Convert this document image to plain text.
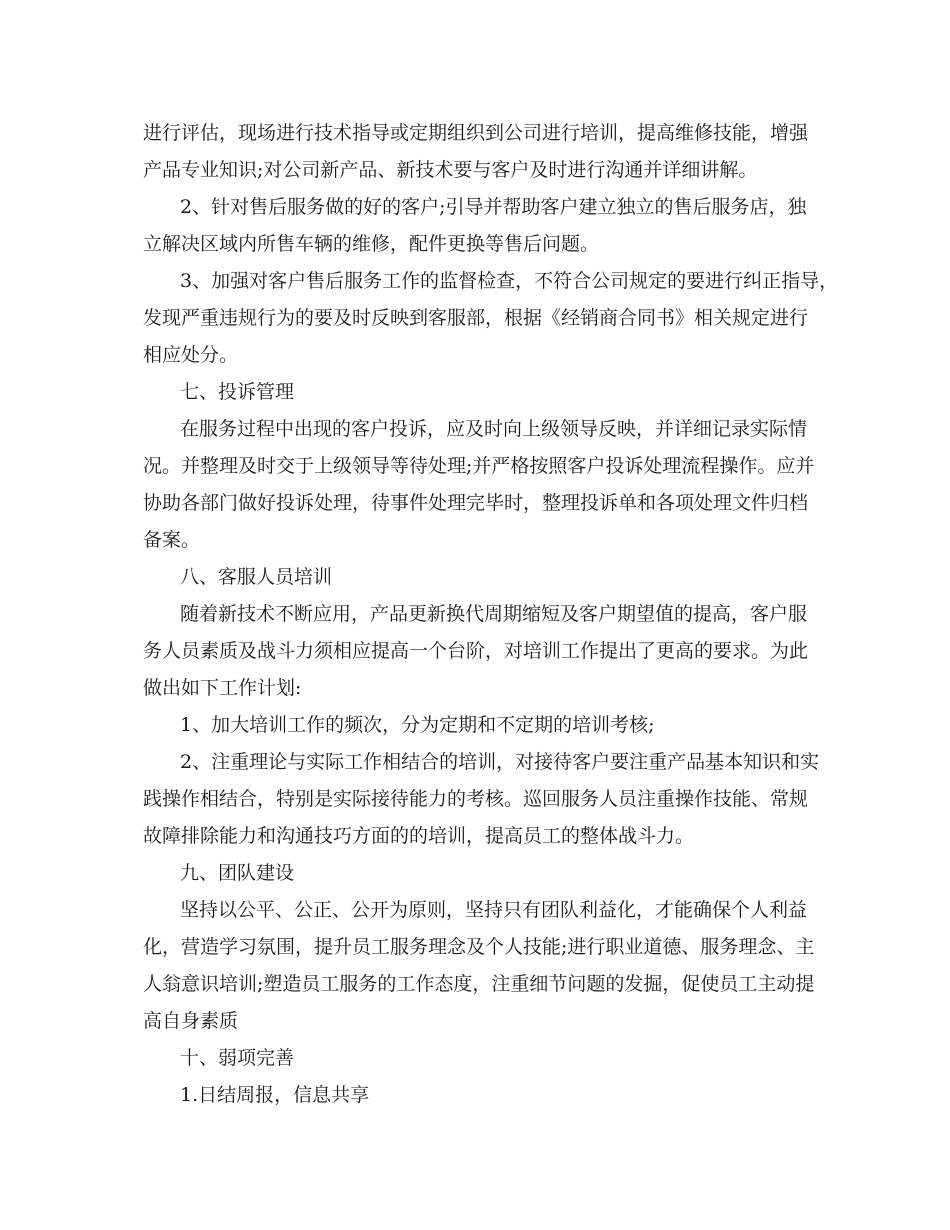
进行评估，现场进行技术指导或定期组织到公司进行培训，提高维修技能，增强
产品专业知识;对公司新产品、新技术要与客户及时进行沟通并详细讲解。
2、针对售后服务做的好的客户;引导并帮助客户建立独立的售后服务店，独
立解决区域内所售车辆的维修，配件更换等售后问题。
3、加强对客户售后服务工作的监督检查，不符合公司规定的要进行纠正指导，
发现严重违规行为的要及时反映到客服部，根据《经销商合同书》相关规定进行
相应处分。
七、投诉管理
在服务过程中出现的客户投诉，应及时向上级领导反映，并详细记录实际情
况。并整理及时交于上级领导等待处理;并严格按照客户投诉处理流程操作。应并
协助各部门做好投诉处理，待事件处理完毕时，整理投诉单和各项处理文件归档
备案。
八、客服人员培训
随着新技术不断应用，产品更新换代周期缩短及客户期望值的提高，客户服
务人员素质及战斗力须相应提高一个台阶，对培训工作提出了更高的要求。为此
做出如下工作计划:
1、加大培训工作的频次，分为定期和不定期的培训考核;
2、注重理论与实际工作相结合的培训，对接待客户要注重产品基本知识和实
践操作相结合，特别是实际接待能力的考核。巡回服务人员注重操作技能、常规
故障排除能力和沟通技巧方面的的培训，提高员工的整体战斗力。
九、团队建设
坚持以公平、公正、公开为原则，坚持只有团队利益化，才能确保个人利益
化，营造学习氛围，提升员工服务理念及个人技能;进行职业道德、服务理念、主
人翁意识培训;塑造员工服务的工作态度，注重细节问题的发掘，促使员工主动提
高自身素质
十、弱项完善
1.日结周报，信息共享
